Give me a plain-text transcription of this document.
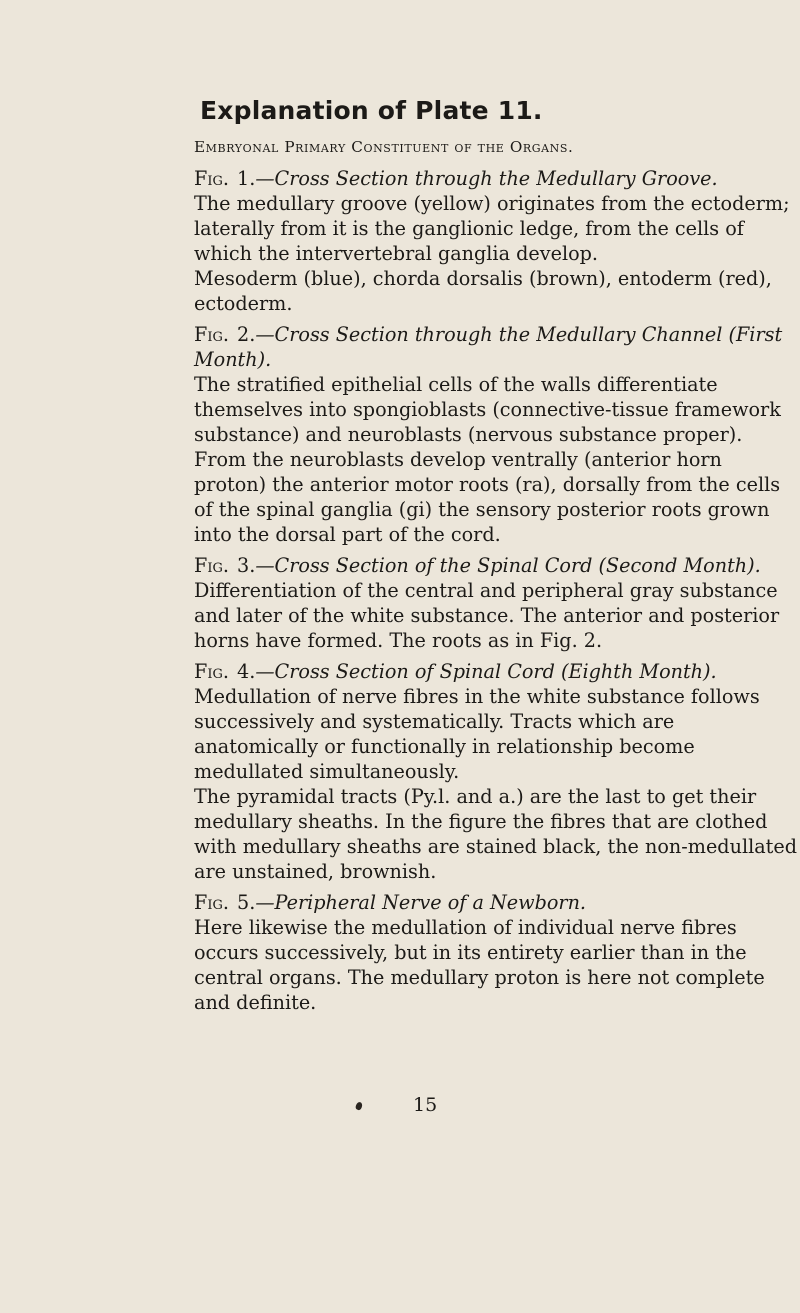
Explanation of Plate 11.
Embryonal Primary Constituent of the Organs.
Fig. 1.—Cross Section through the Medullary Groove.

The medullary groove (yellow) originates from the ectoderm; laterally from it is the ganglionic ledge, from the cells of which the intervertebral ganglia develop.

Mesoderm (blue), chorda dorsalis (brown), entoderm (red), ectoderm.

Fig. 2.—Cross Section through the Medullary Channel (First Month).

The stratified epithelial cells of the walls differentiate themselves into spongioblasts (connective-tissue framework substance) and neuroblasts (nervous substance proper). From the neuroblasts develop ventrally (anterior horn proton) the anterior motor roots (ra), dorsally from the cells of the spinal ganglia (gi) the sensory posterior roots grown into the dorsal part of the cord.

Fig. 3.—Cross Section of the Spinal Cord (Second Month).

Differentiation of the central and peripheral gray substance and later of the white substance. The anterior and posterior horns have formed. The roots as in Fig. 2.

Fig. 4.—Cross Section of Spinal Cord (Eighth Month).

Medullation of nerve fibres in the white substance follows successively and systematically. Tracts which are anatomically or functionally in relationship become medullated simultaneously.

The pyramidal tracts (Py.l. and a.) are the last to get their medullary sheaths. In the figure the fibres that are clothed with medullary sheaths are stained black, the non-medullated are unstained, brownish.

Fig. 5.—Peripheral Nerve of a Newborn.

Here likewise the medullation of individual nerve fibres occurs successively, but in its entirety earlier than in the central organs. The medullary proton is here not complete and definite.

15
